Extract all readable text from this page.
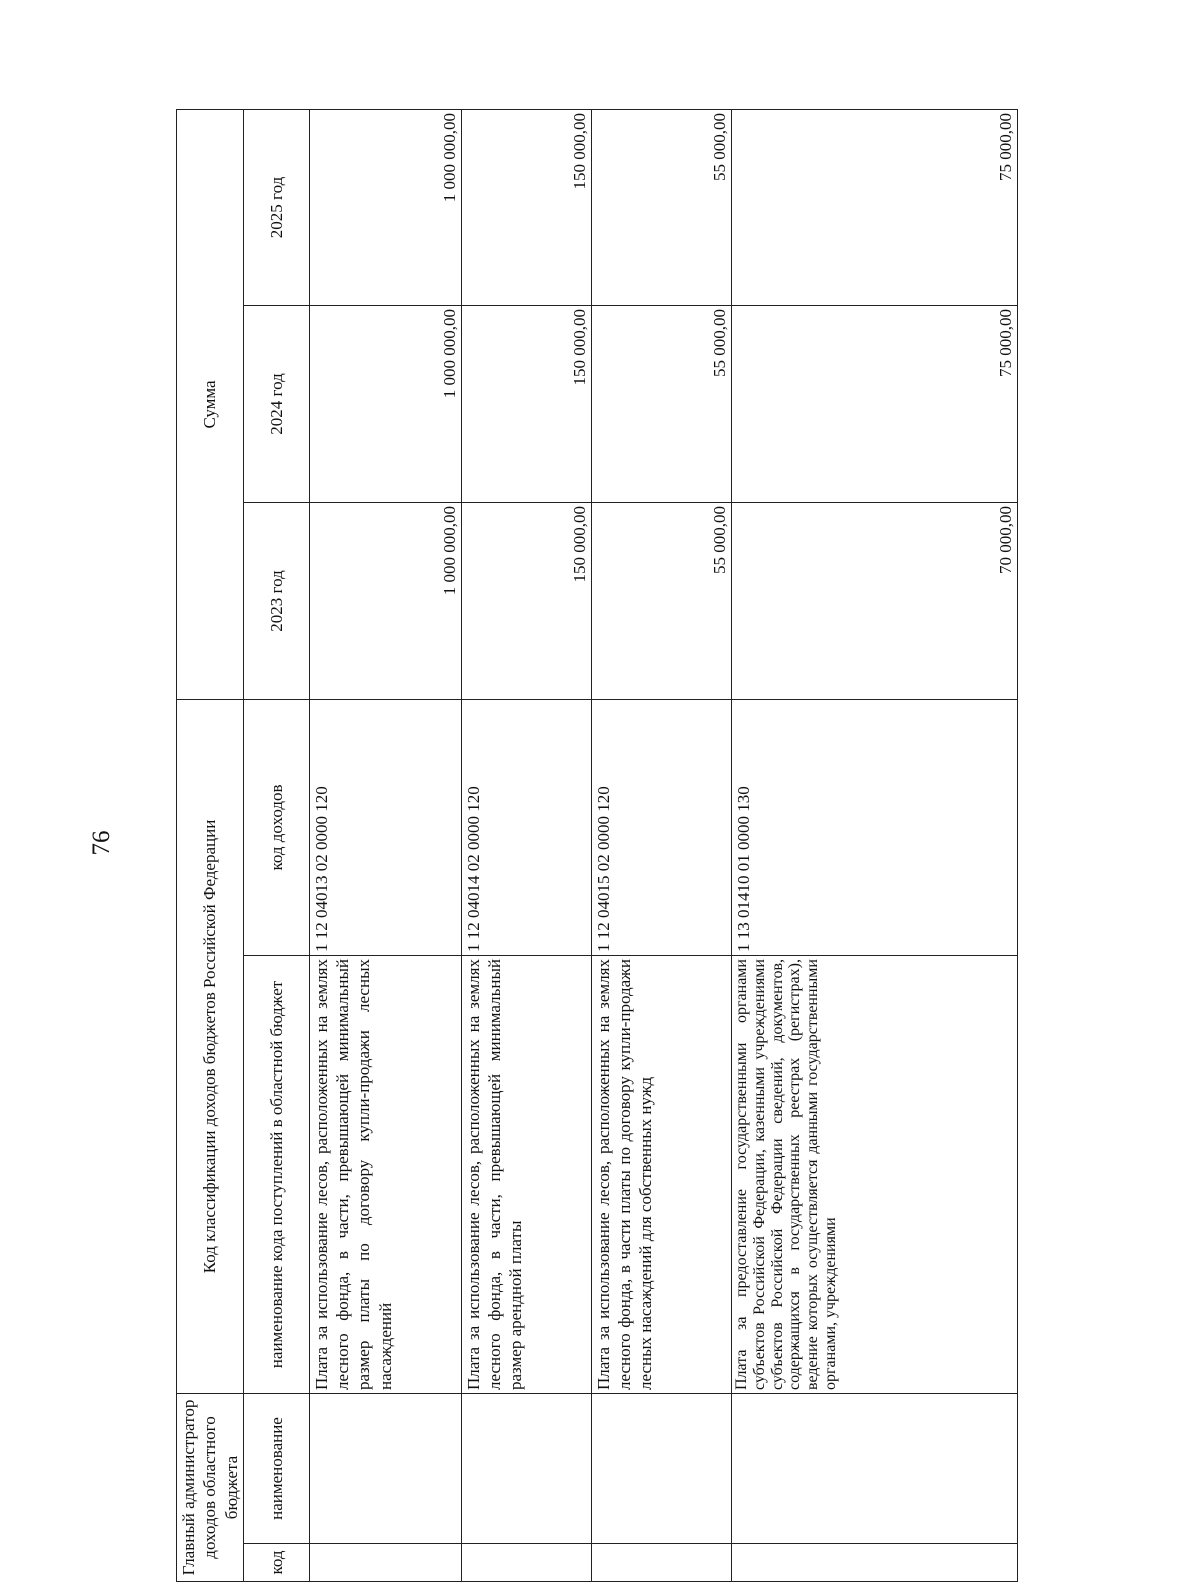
76
Главный администратор доходов областного бюджета		Код классификации доходов бюджетов Российской Федерации		Сумма		
код	наименование	наименование кода поступлений в областной бюджет	код доходов	2023 год	2024 год	2025 год
		Плата за использование лесов, расположенных на землях лесного фонда, в части, превышающей минимальный размер платы по договору купли-продажи лесных насаждений	1 12 04013 02 0000 120	1 000 000,00	1 000 000,00	1 000 000,00
		Плата за использование лесов, расположенных на землях лесного фонда, в части, превышающей минимальный размер арендной платы	1 12 04014 02 0000 120	150 000,00	150 000,00	150 000,00
		Плата за использование лесов, расположенных на землях лесного фонда, в части платы по договору купли-продажи лесных насаждений для собственных нужд	1 12 04015 02 0000 120	55 000,00	55 000,00	55 000,00
		Плата за предоставление государственными органами субъектов Российской Федерации, казенными учреждениями субъектов Российской Федерации сведений, документов, содержащихся в государственных реестрах (регистрах), ведение которых осуществляется данными государственными органами, учреждениями	1 13 01410 01 0000 130	70 000,00	75 000,00	75 000,00
